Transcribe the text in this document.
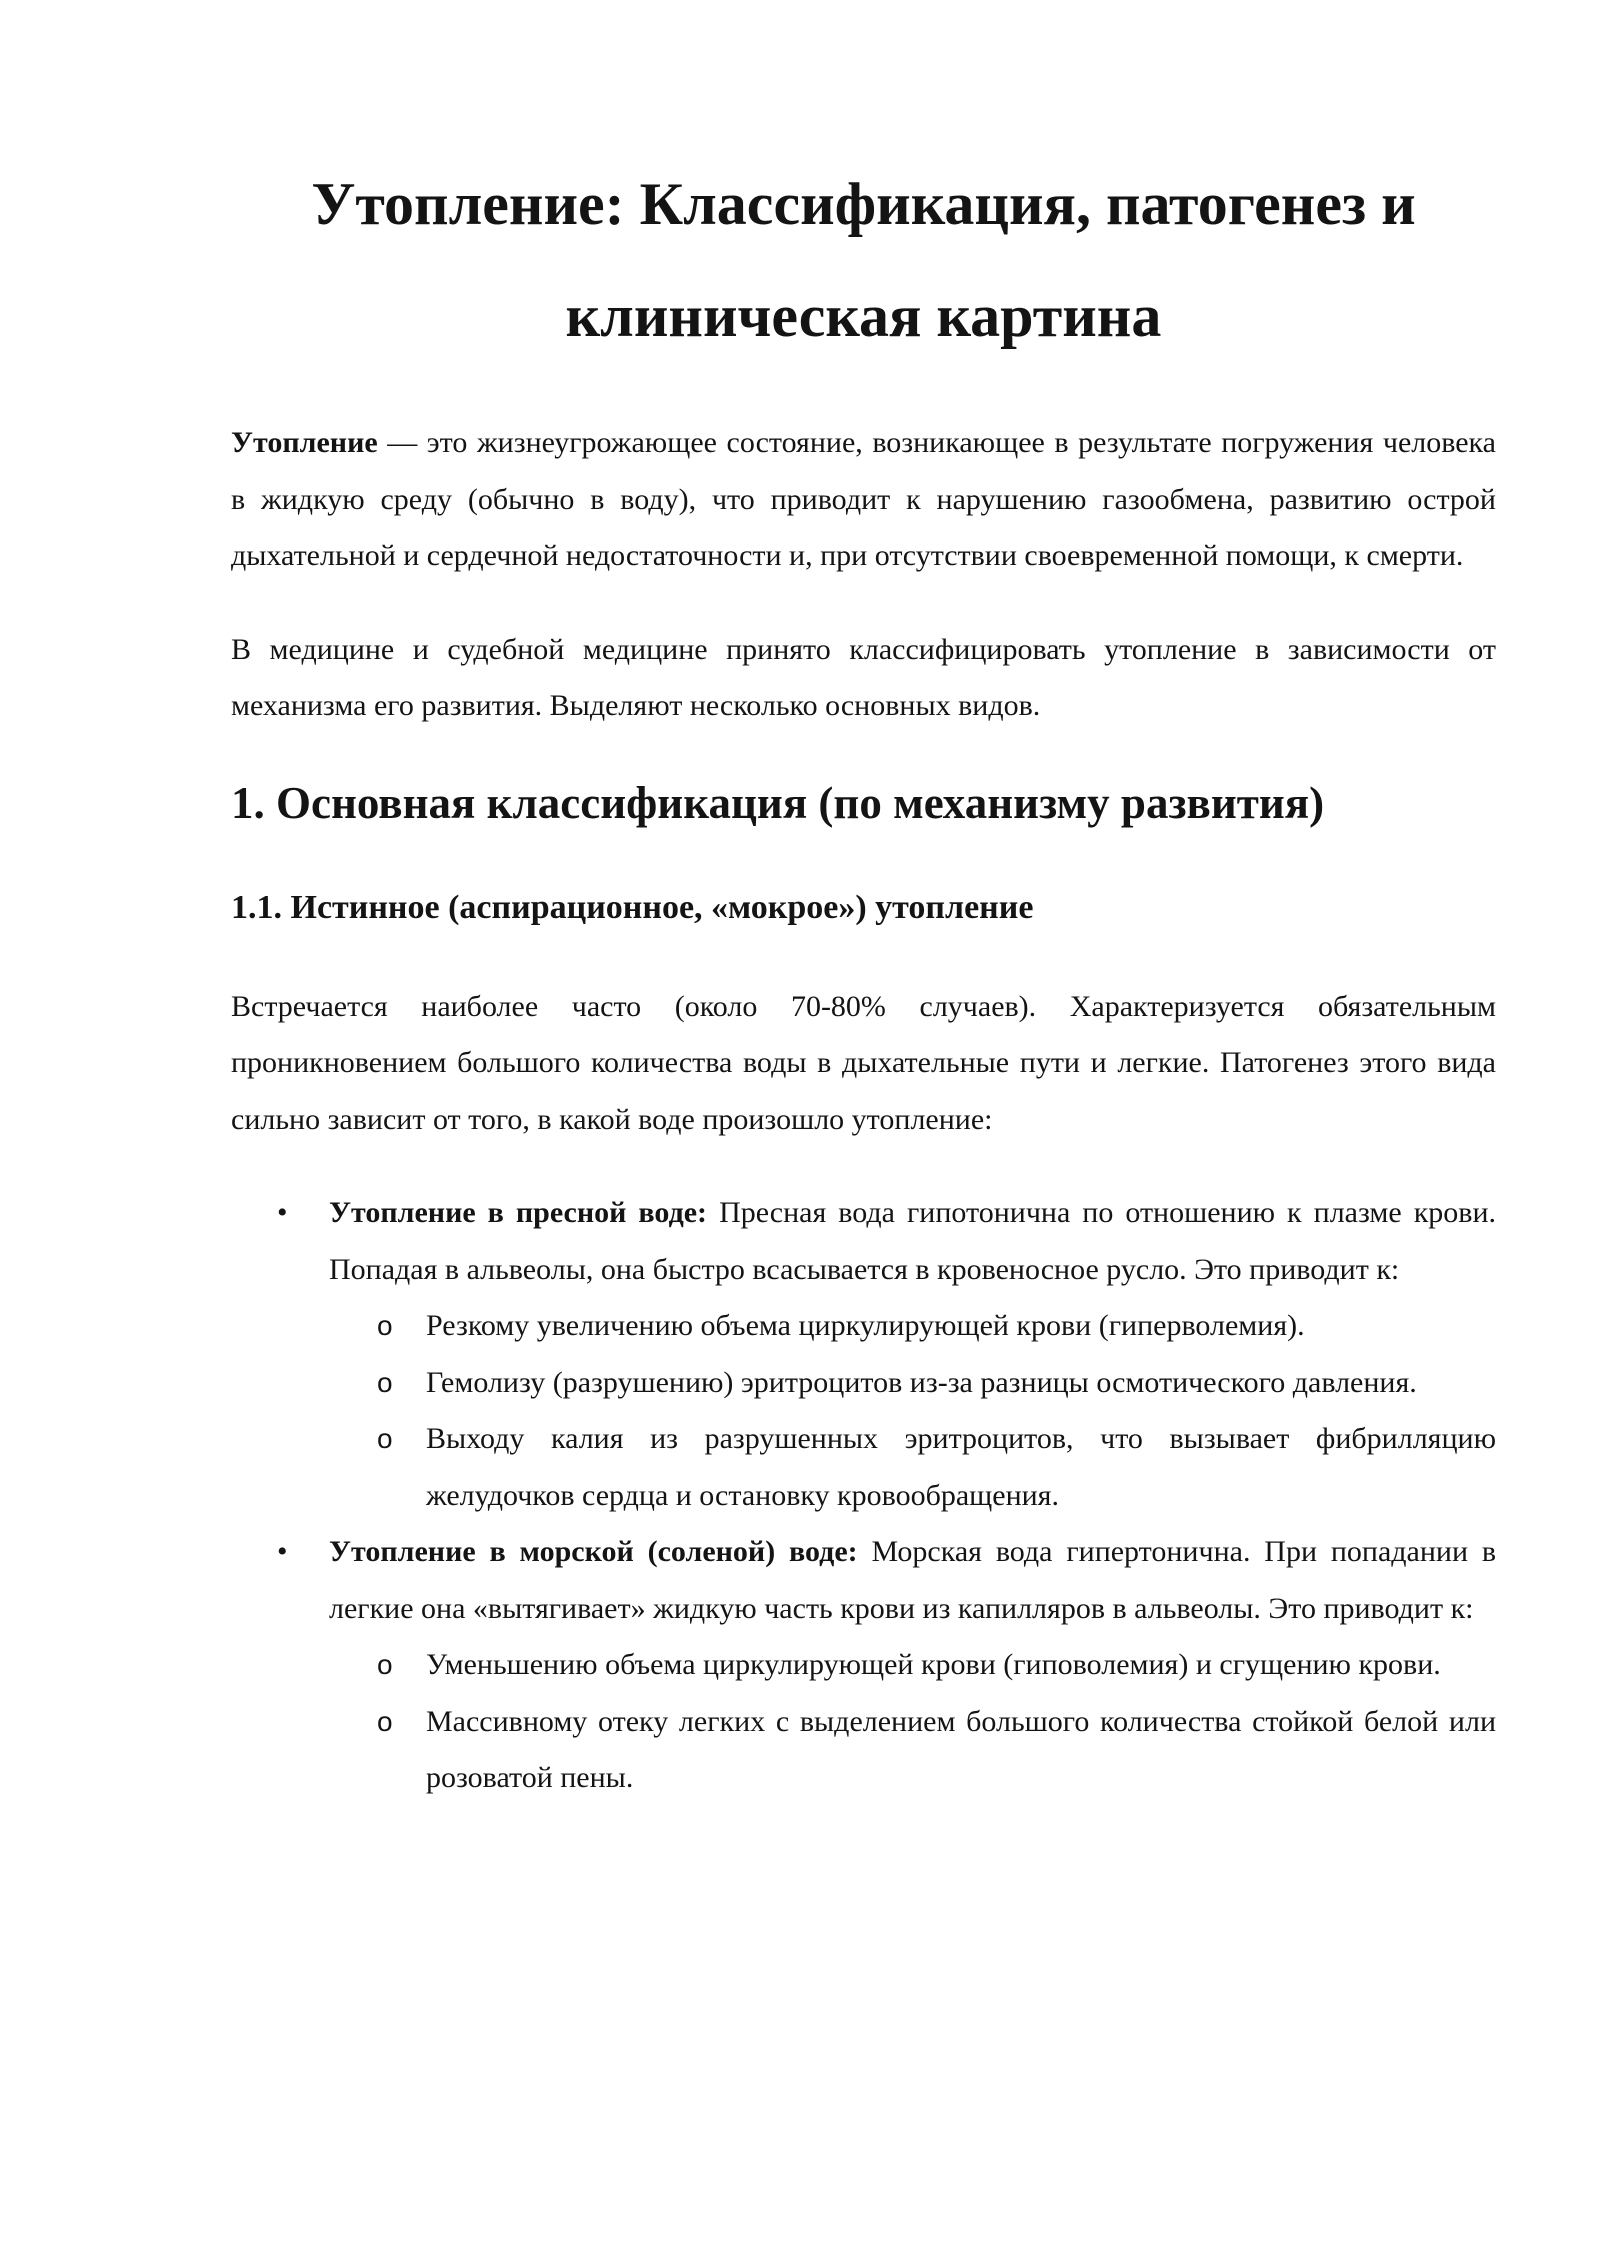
Утопление: Классификация, патогенез и
клиническая картина

Утопление — это жизнеугрожающее состояние, возникающее в результате погружения человека в жидкую среду (обычно в воду), что приводит к нарушению газообмена, развитию острой дыхательной и сердечной недостаточности и, при отсутствии своевременной помощи, к смерти.

В медицине и судебной медицине принято классифицировать утопление в зависимости от механизма его развития. Выделяют несколько основных видов.

1. Основная классификация (по механизму развития)
1.1. Истинное (аспирационное, «мокрое») утопление

Встречается наиболее часто (около 70-80% случаев). Характеризуется обязательным проникновением большого количества воды в дыхательные пути и легкие. Патогенез этого вида сильно зависит от того, в какой воде произошло утопление:

• Утопление в пресной воде: Пресная вода гипотонична по отношению к плазме крови. Попадая в альвеолы, она быстро всасывается в кровеносное русло. Это приводит к:

o Резкому увеличению объема циркулирующей крови (гиперволемия).

o Гемолизу (разрушению) эритроцитов из-за разницы осмотического давления.

o Выходу калия из разрушенных эритроцитов, что вызывает фибрилляцию желудочков сердца и остановку кровообращения.

• Утопление в морской (соленой) воде: Морская вода гипертонична. При попадании в легкие она «вытягивает» жидкую часть крови из капилляров в альвеолы. Это приводит к:

o Уменьшению объема циркулирующей крови (гиповолемия) и сгущению крови.

o Массивному отеку легких с выделением большого количества стойкой белой или розоватой пены.
